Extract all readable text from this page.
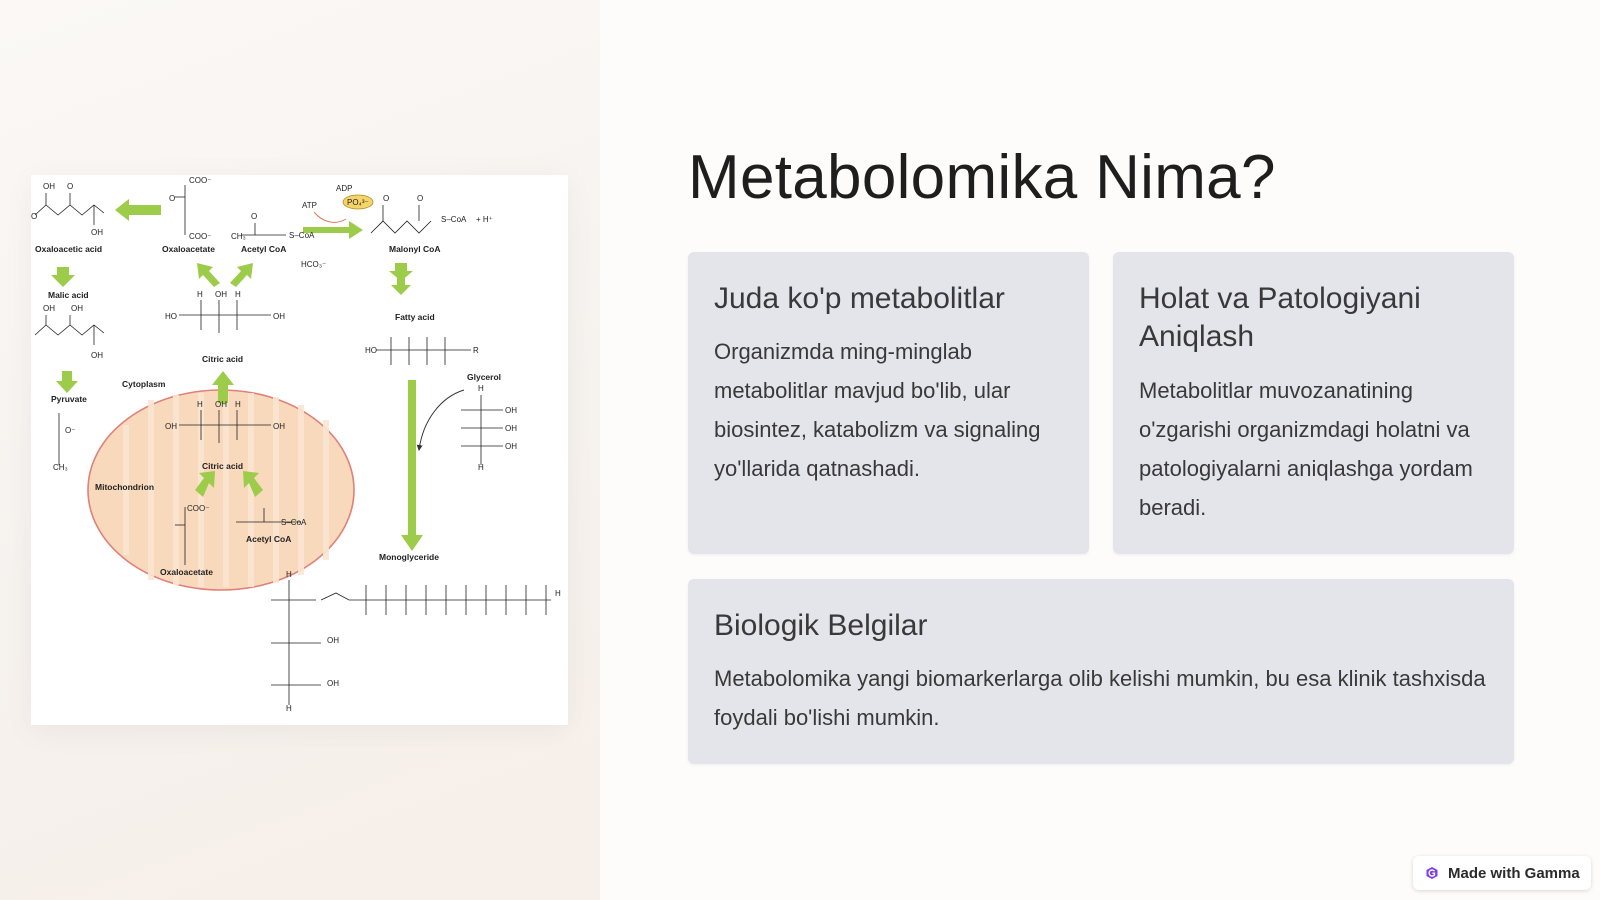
OH O
O
OH
O
COO⁻
COO⁻ CH₃
O
O	O
OH OH
OH
HO	OH
H OH H
OH	OH
H OH H
HO	R
H
OH
OH
OH
H
CH₃
O⁻
H
OH
OH
H
H
Oxaloacetic acid	Oxaloacetate	Acetyl CoA	Malonyl CoA
Malic acid
Citric acid
Fatty acid
Cytoplasm
Pyruvate
Glycerol
Mitochondrion
Citric acid
Acetyl CoA
Oxaloacetate
Monoglyceride
ATP
ADP
PO₄³⁻
HCO₃⁻
+ H⁺
S–CoA
S–CoA
S–CoA
COO⁻
Metabolomika Nima?
Juda ko'p metabolitlar
Organizmda ming-minglab metabolitlar mavjud bo'lib, ular biosintez, katabolizm va signaling yo'llarida qatnashadi.
Holat va Patologiyani Aniqlash
Metabolitlar muvozanatining o'zgarishi organizmdagi holatni va patologiyalarni aniqlashga yordam beradi.
Biologik Belgilar
Metabolomika yangi biomarkerlarga olib kelishi mumkin, bu esa klinik tashxisda foydali bo'lishi mumkin.
Made with Gamma
